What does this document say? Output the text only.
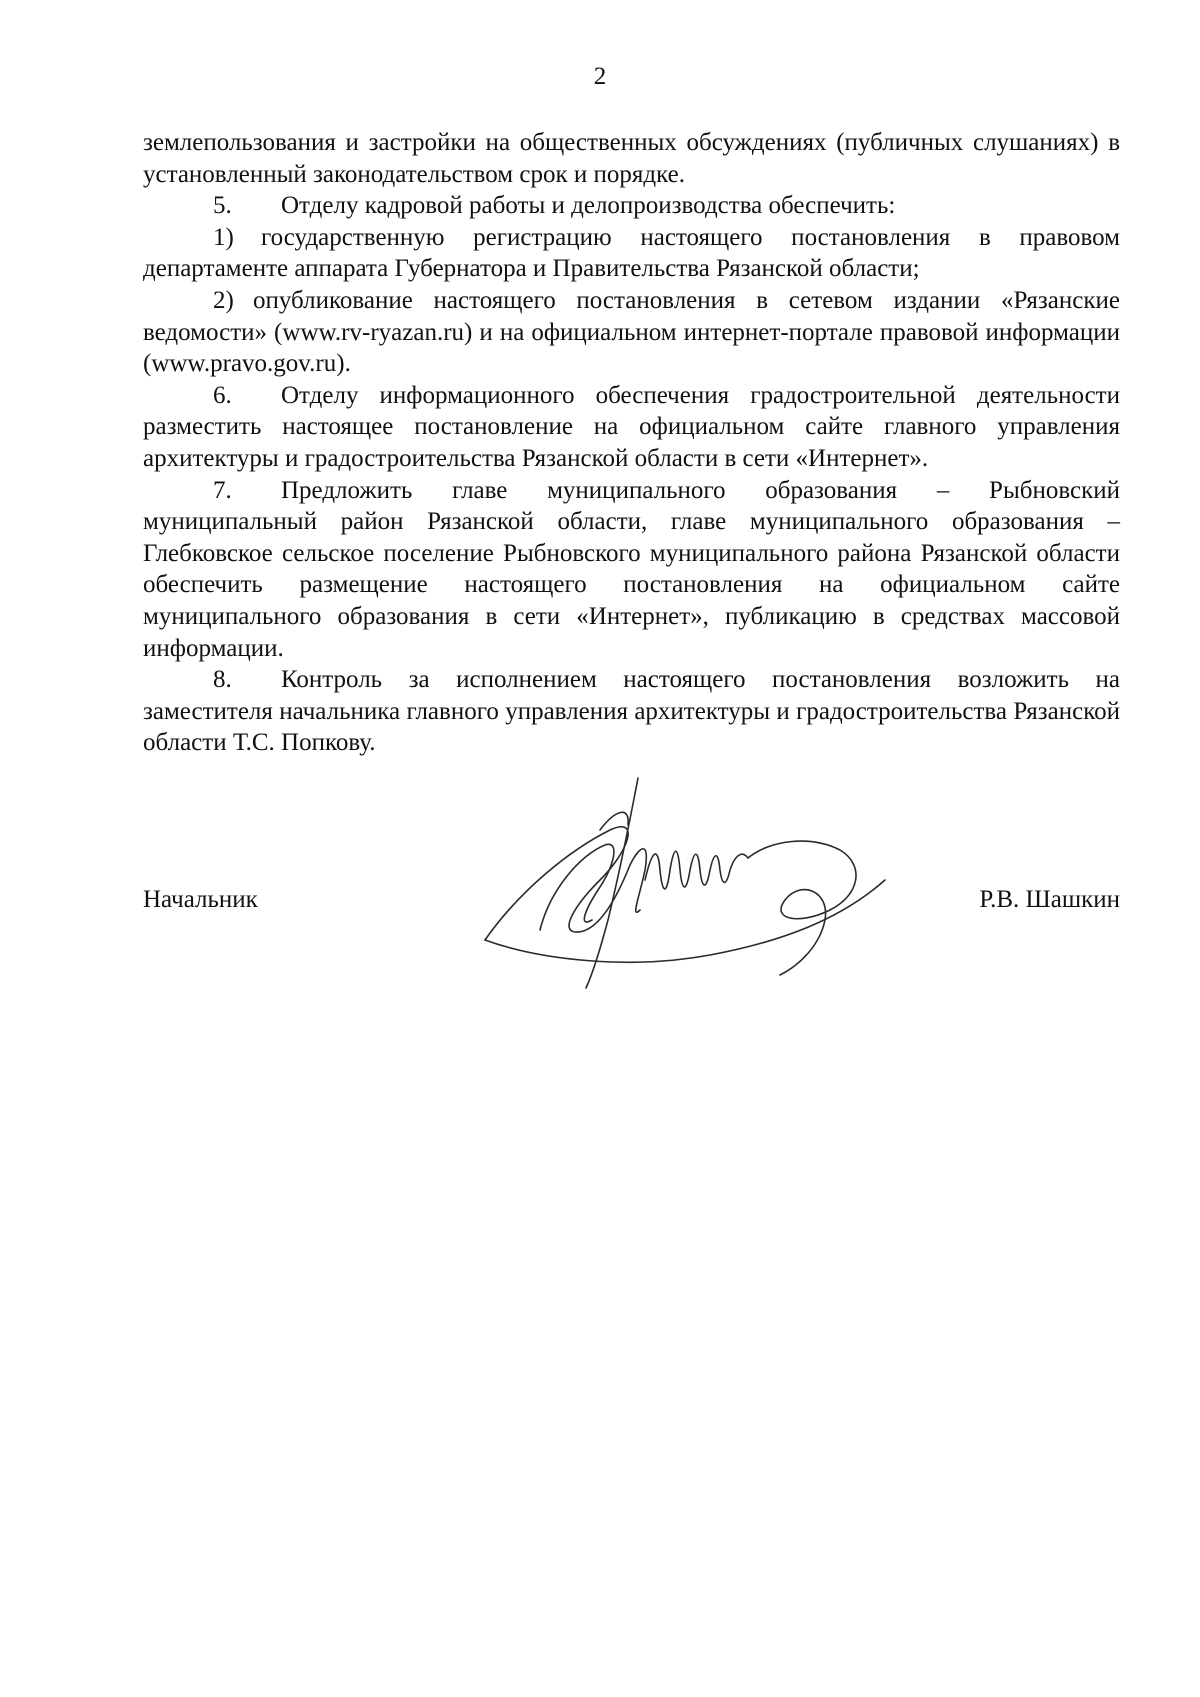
2

землепользования и застройки на общественных обсуждениях (публичных слушаниях) в установленный законодательством срок и порядке.

5. Отделу кадровой работы и делопроизводства обеспечить:

1) государственную регистрацию настоящего постановления в правовом департаменте аппарата Губернатора и Правительства Рязанской области;

2) опубликование настоящего постановления в сетевом издании «Рязанские ведомости» (www.rv-ryazan.ru) и на официальном интернет-портале правовой информации (www.pravo.gov.ru).

6. Отделу информационного обеспечения градостроительной деятельности разместить настоящее постановление на официальном сайте главного управления архитектуры и градостроительства Рязанской области в сети «Интернет».

7. Предложить главе муниципального образования – Рыбновский муниципальный район Рязанской области, главе муниципального образования – Глебковское сельское поселение Рыбновского муниципального района Рязанской области обеспечить размещение настоящего постановления на официальном сайте муниципального образования в сети «Интернет», публикацию в средствах массовой информации.

8. Контроль за исполнением настоящего постановления возложить на заместителя начальника главного управления архитектуры и градостроительства Рязанской области Т.С. Попкову.

Начальник	Р.В. Шашкин
